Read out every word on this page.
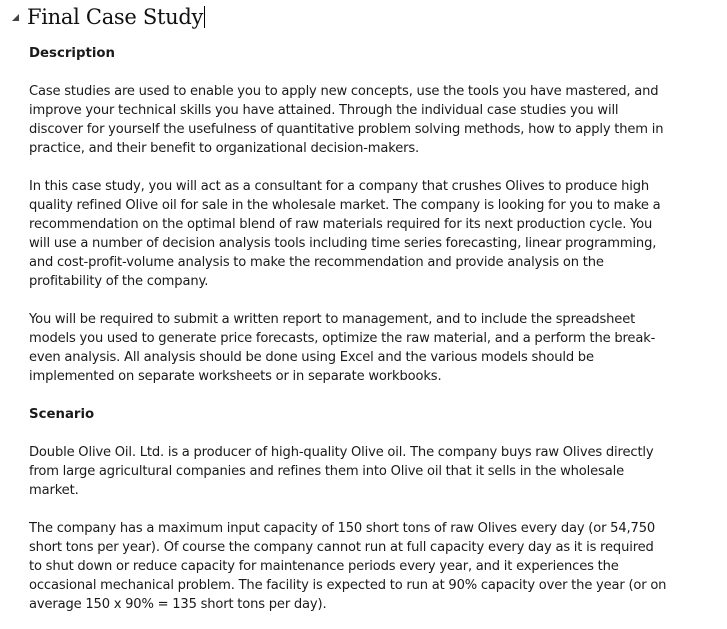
Final Case Study
Description

Case studies are used to enable you to apply new concepts, use the tools you have mastered, and improve your technical skills you have attained. Through the individual case studies you will discover for yourself the usefulness of quantitative problem solving methods, how to apply them in practice, and their benefit to organizational decision-makers.

In this case study, you will act as a consultant for a company that crushes Olives to produce high quality refined Olive oil for sale in the wholesale market. The company is looking for you to make a recommendation on the optimal blend of raw materials required for its next production cycle. You will use a number of decision analysis tools including time series forecasting, linear programming, and cost-profit-volume analysis to make the recommendation and provide analysis on the profitability of the company.

You will be required to submit a written report to management, and to include the spreadsheet models you used to generate price forecasts, optimize the raw material, and a perform the break-even analysis. All analysis should be done using Excel and the various models should be implemented on separate worksheets or in separate workbooks.

Scenario

Double Olive Oil. Ltd. is a producer of high-quality Olive oil. The company buys raw Olives directly from large agricultural companies and refines them into Olive oil that it sells in the wholesale market.

The company has a maximum input capacity of 150 short tons of raw Olives every day (or 54,750 short tons per year). Of course the company cannot run at full capacity every day as it is required to shut down or reduce capacity for maintenance periods every year, and it experiences the occasional mechanical problem. The facility is expected to run at 90% capacity over the year (or on average 150 x 90% = 135 short tons per day).
